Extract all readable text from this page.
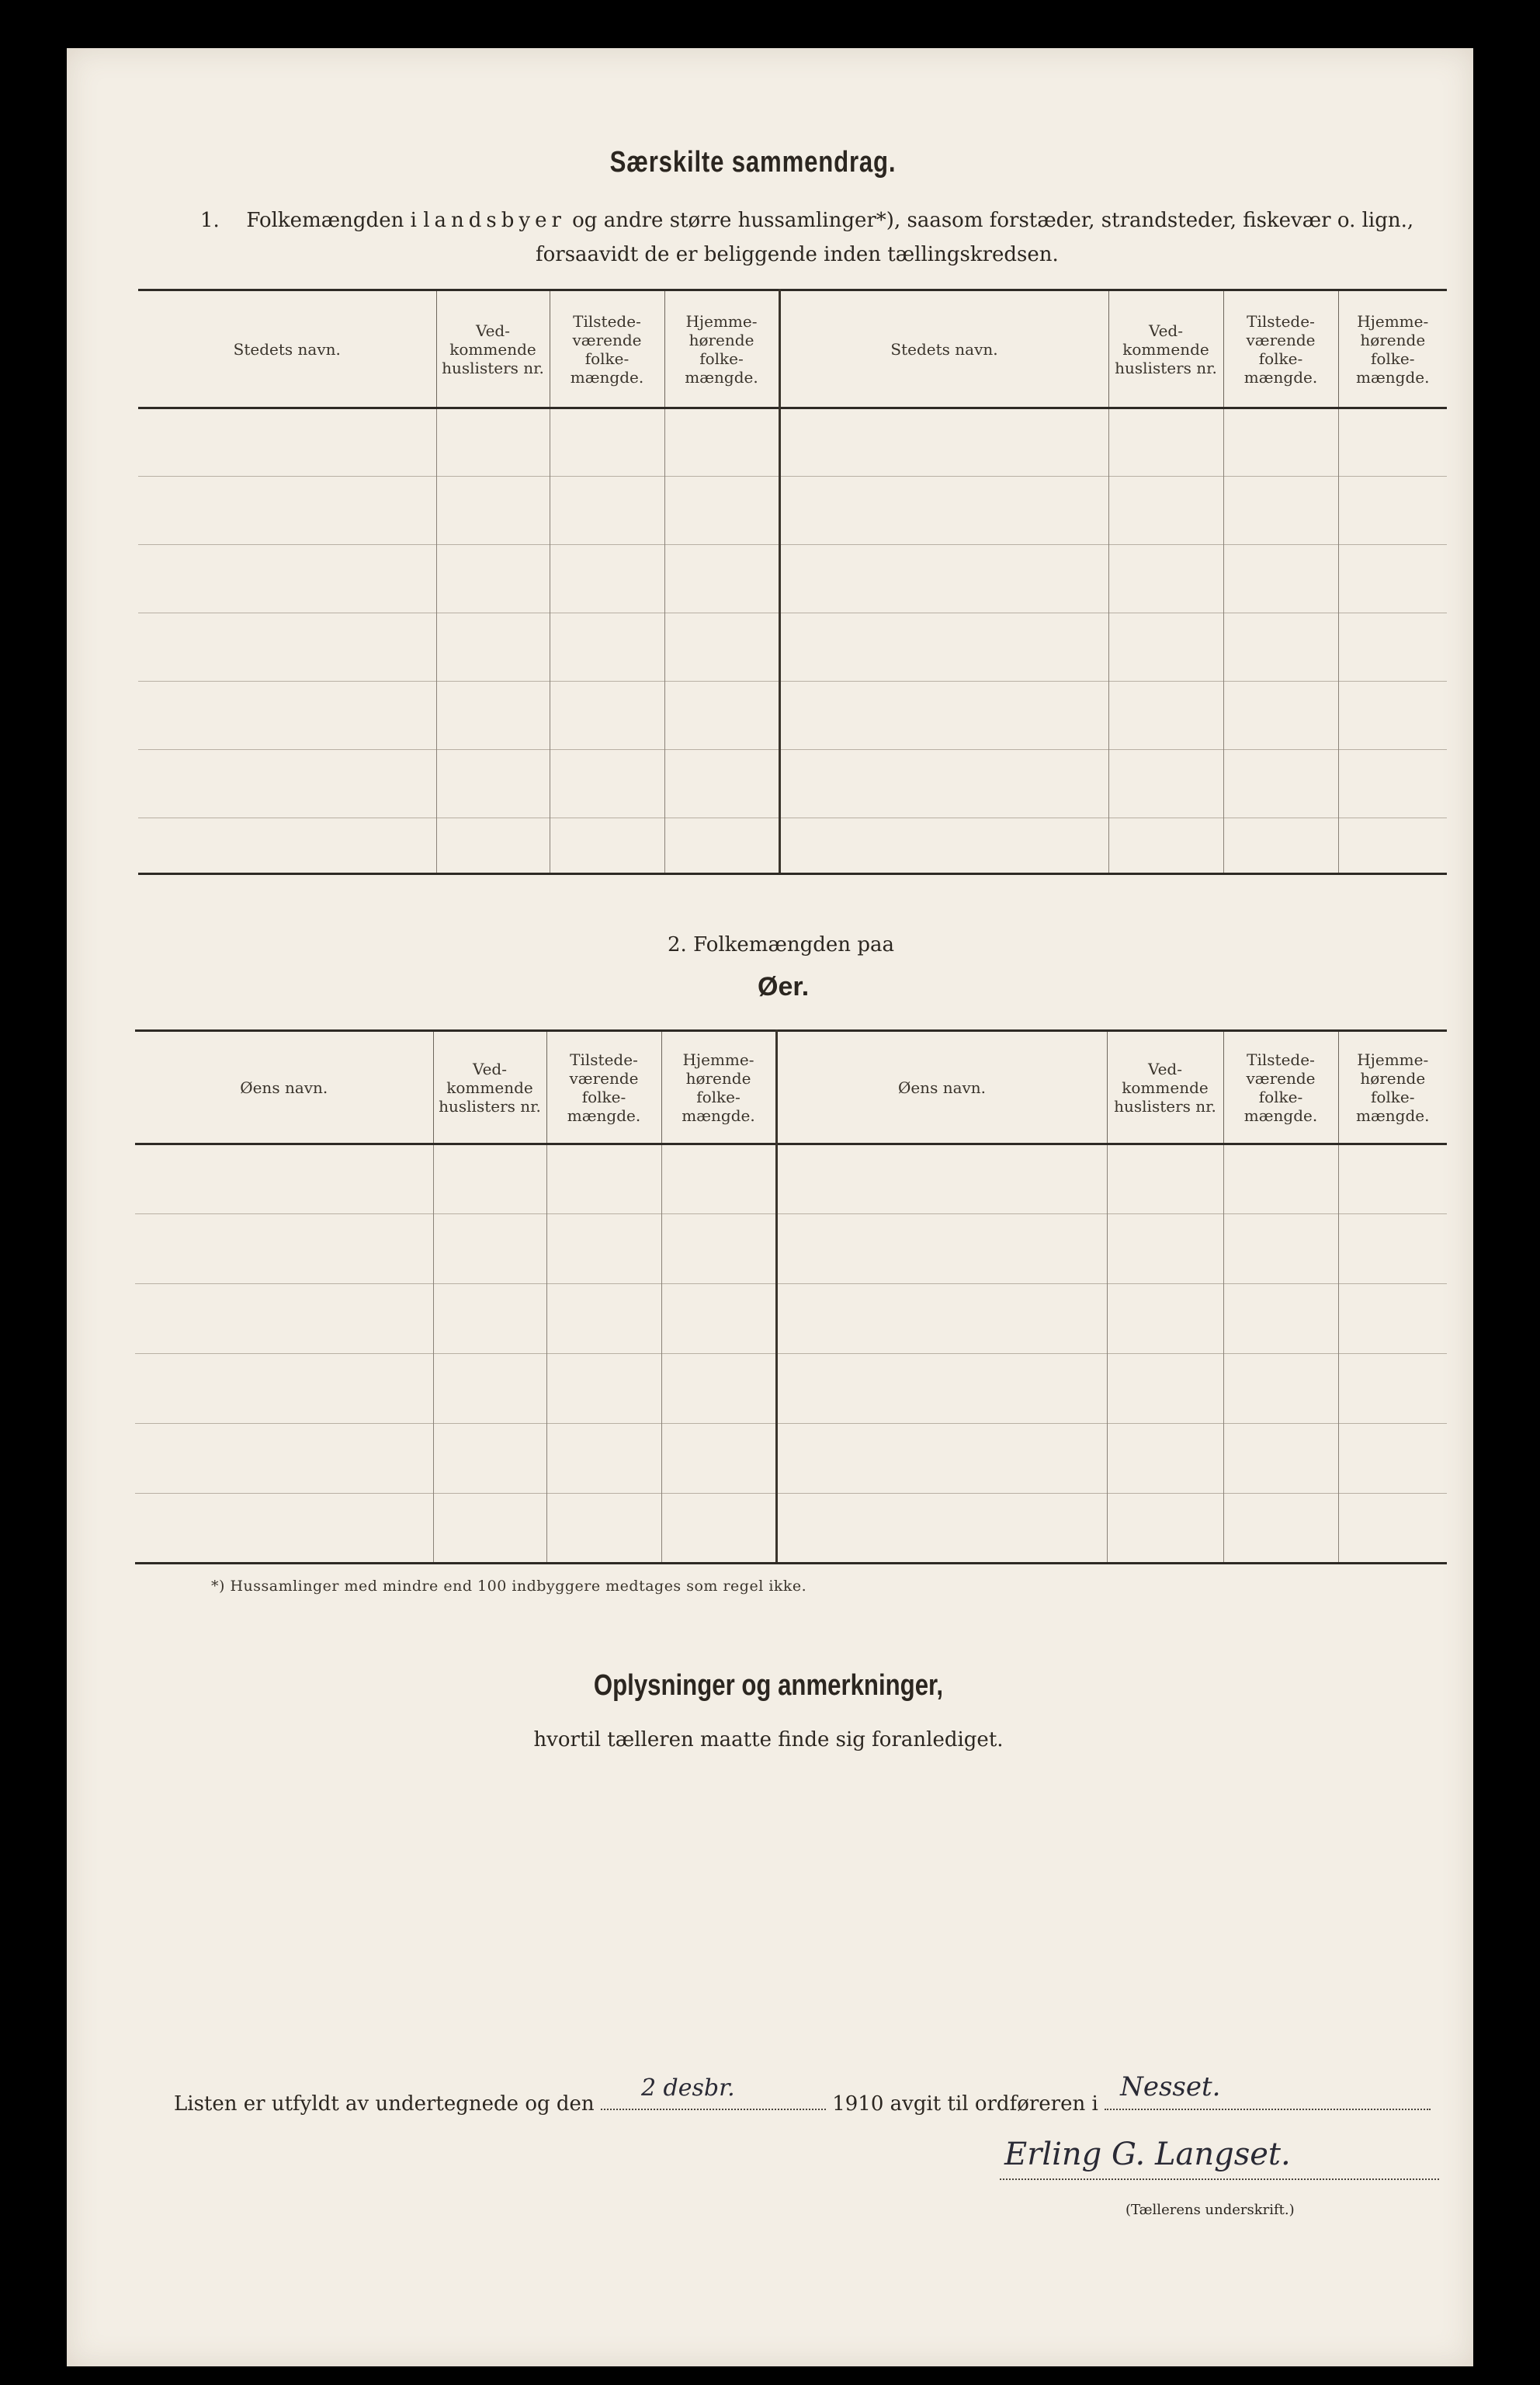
Særskilte sammendrag.
1. Folkemængden i landsbyer og andre større hussamlinger*), saasom forstæder, strandsteder, fiskevær o. lign.,
forsaavidt de er beliggende inden tællingskredsen.
Stedets navn.	Ved-kommende huslisters nr.	Tilstede-værende folke-mængde.	Hjemme-hørende folke-mængde.	Stedets navn.	Ved-kommende huslisters nr.	Tilstede-værende folke-mængde.	Hjemme-hørende folke-mængde.

2. Folkemængden paa
Øer.
Øens navn.	Ved-kommende huslisters nr.	Tilstede-værende folke-mængde.	Hjemme-hørende folke-mængde.	Øens navn.	Ved-kommende huslisters nr.	Tilstede-værende folke-mængde.	Hjemme-hørende folke-mængde.

*) Hussamlinger med mindre end 100 indbyggere medtages som regel ikke.
Oplysninger og anmerkninger,
hvortil tælleren maatte finde sig foranlediget.
Listen er utfyldt av undertegnede og den
2 desbr.
1910 avgit til ordføreren i
Nesset.
Erling G. Langset.
(Tællerens underskrift.)
